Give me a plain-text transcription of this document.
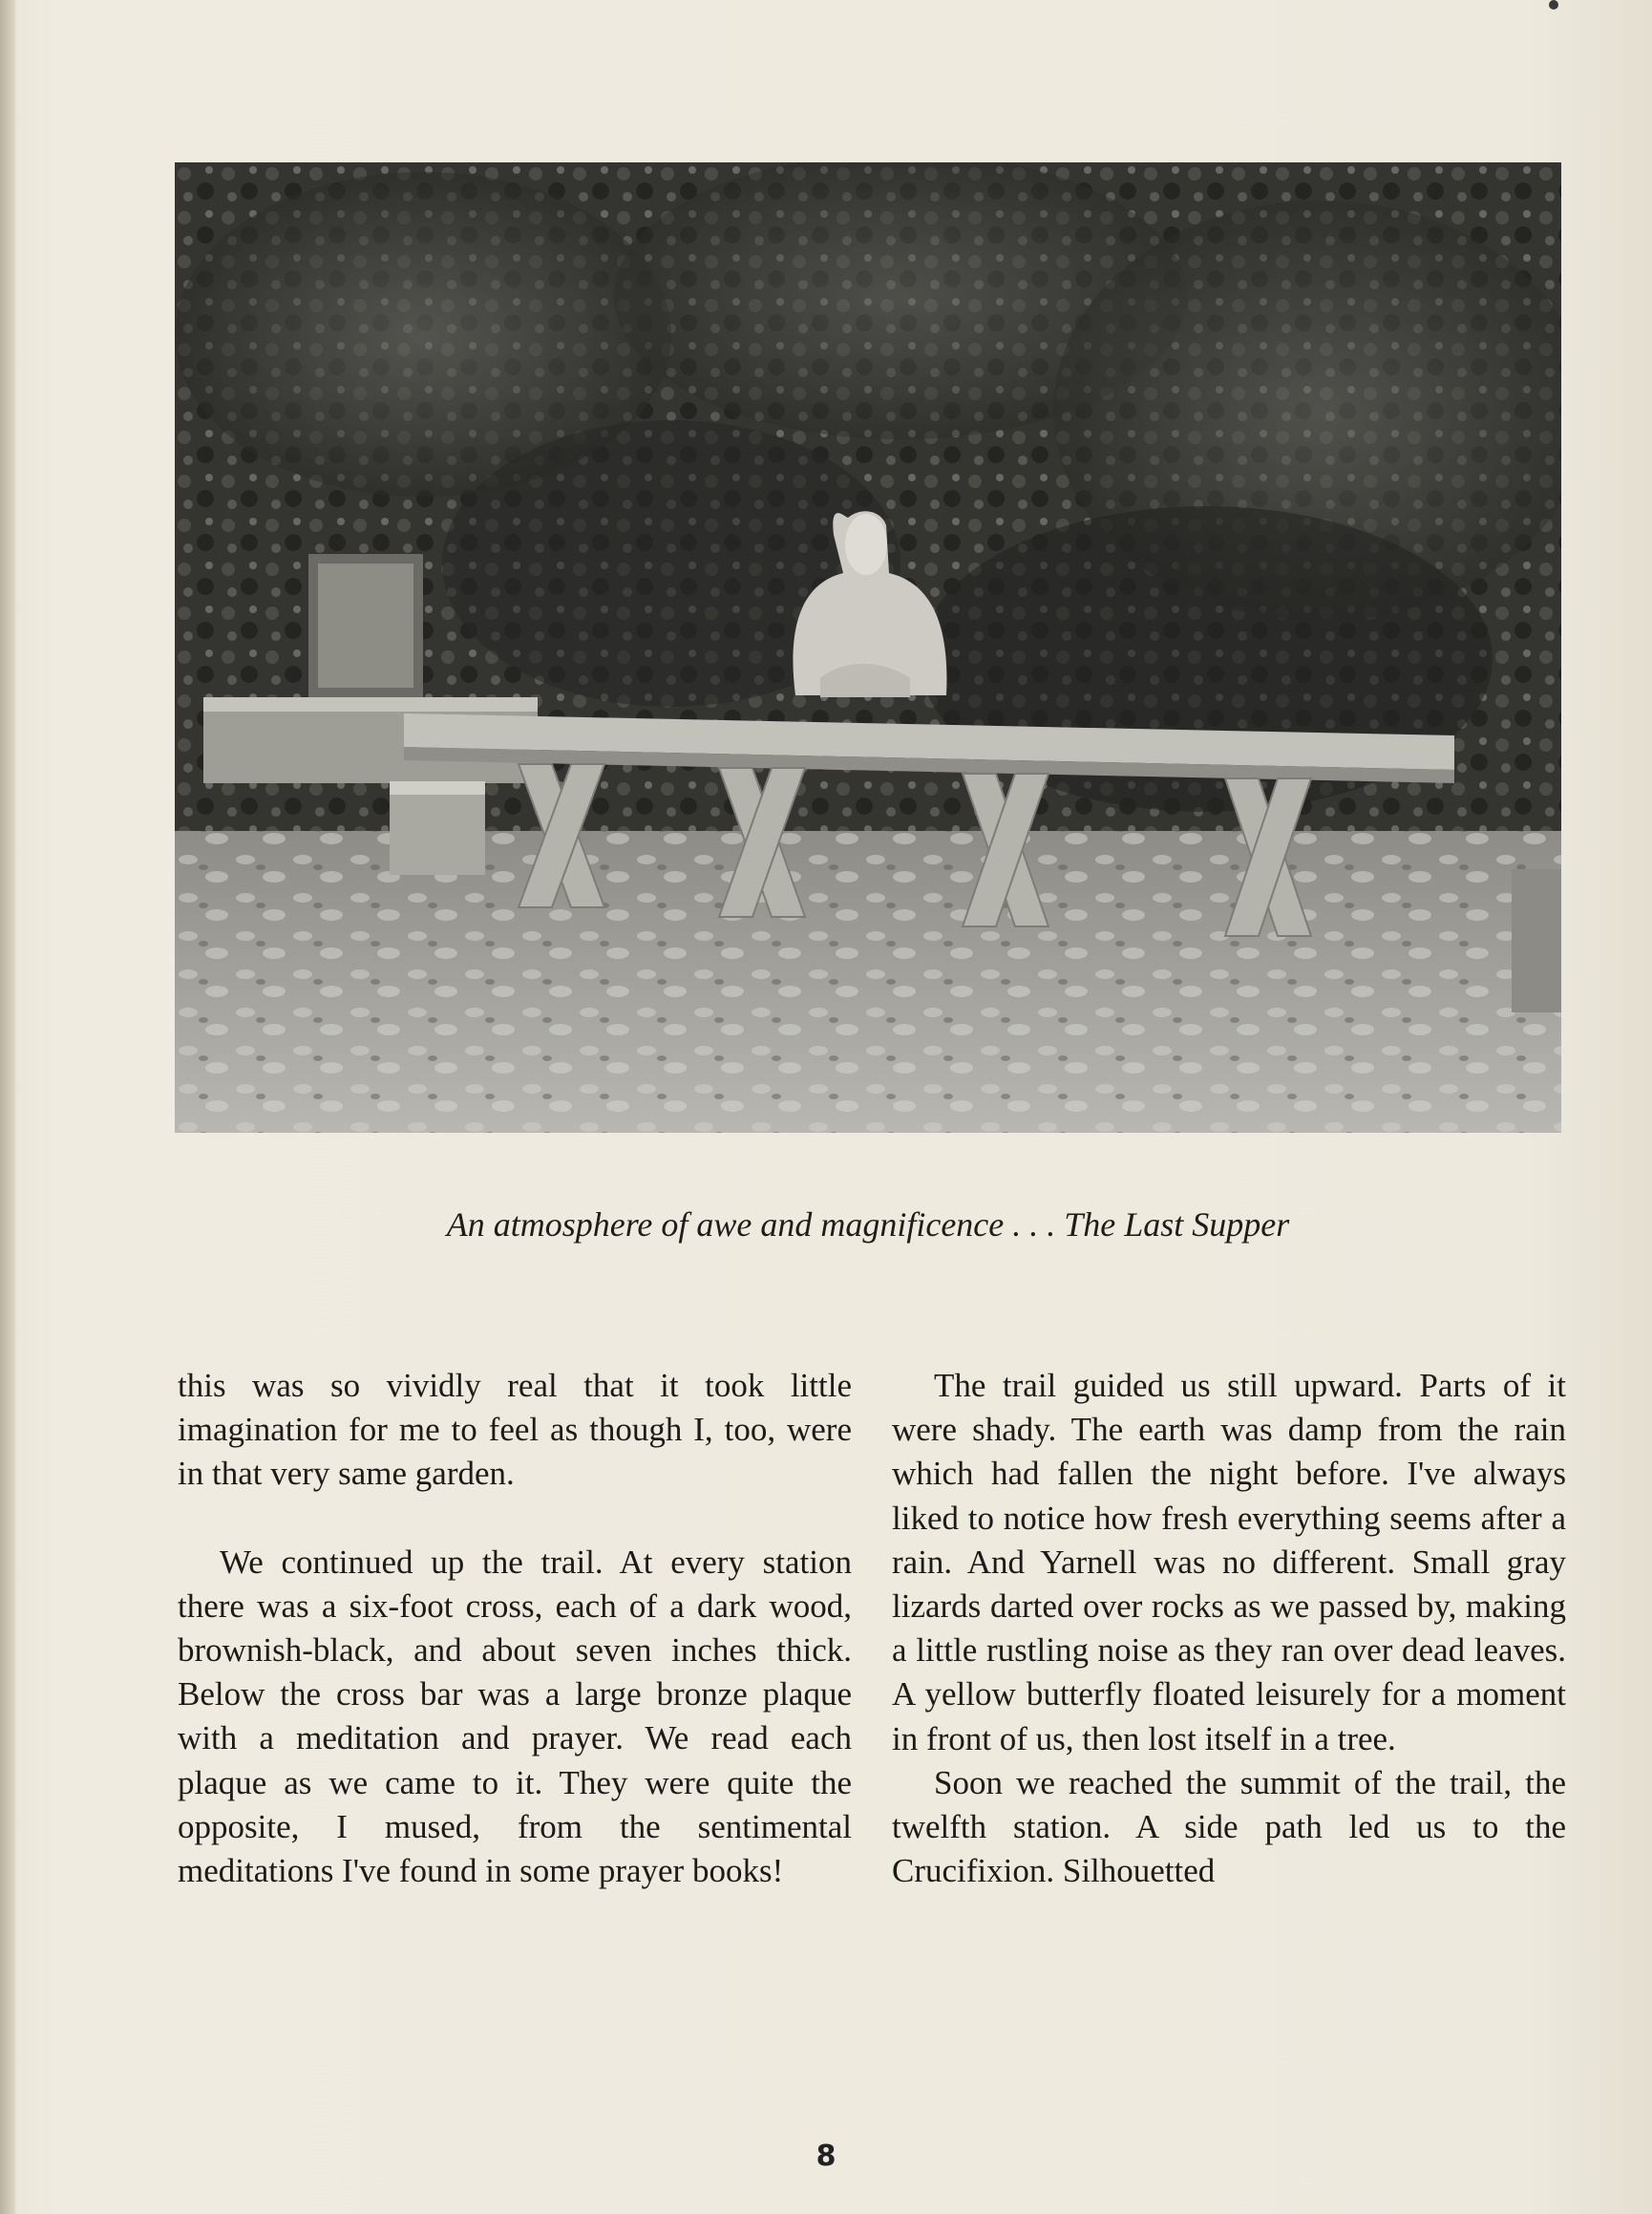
An atmosphere of awe and magnificence . . . The Last Supper

this was so vividly real that it took little imagination for me to feel as though I, too, were in that very same garden.

We continued up the trail. At every station there was a six-foot cross, each of a dark wood, brownish-black, and about seven inches thick. Below the cross bar was a large bronze plaque with a meditation and prayer. We read each plaque as we came to it. They were quite the opposite, I mused, from the sentimental meditations I've found in some prayer books!

The trail guided us still upward. Parts of it were shady. The earth was damp from the rain which had fallen the night before. I've always liked to notice how fresh everything seems after a rain. And Yarnell was no different. Small gray lizards darted over rocks as we passed by, making a little rustling noise as they ran over dead leaves. A yellow butterfly floated leisurely for a moment in front of us, then lost itself in a tree.

Soon we reached the summit of the trail, the twelfth station. A side path led us to the Crucifixion. Silhouetted

8
